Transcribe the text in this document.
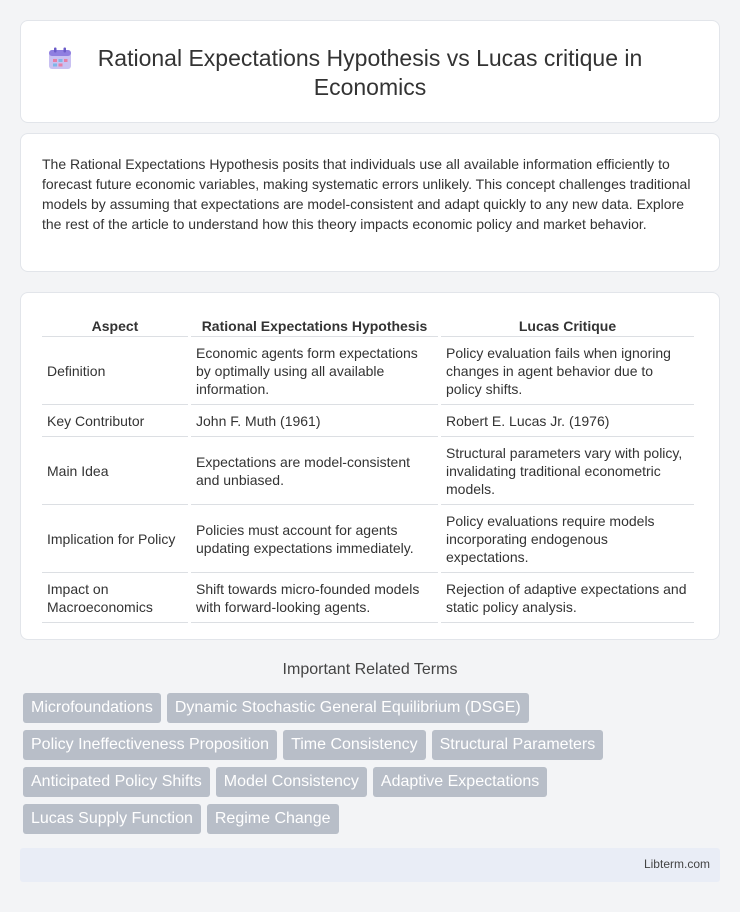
Rational Expectations Hypothesis vs Lucas critique in Economics

The Rational Expectations Hypothesis posits that individuals use all available information efficiently to forecast future economic variables, making systematic errors unlikely. This concept challenges traditional models by assuming that expectations are model-consistent and adapt quickly to any new data. Explore the rest of the article to understand how this theory impacts economic policy and market behavior.

Aspect	Rational Expectations Hypothesis	Lucas Critique
Definition	Economic agents form expectations by optimally using all available information.	Policy evaluation fails when ignoring changes in agent behavior due to policy shifts.
Key Contributor	John F. Muth (1961)	Robert E. Lucas Jr. (1976)
Main Idea	Expectations are model-consistent and unbiased.	Structural parameters vary with policy, invalidating traditional econometric models.
Implication for Policy	Policies must account for agents updating expectations immediately.	Policy evaluations require models incorporating endogenous expectations.
Impact on Macroeconomics	Shift towards micro-founded models with forward-looking agents.	Rejection of adaptive expectations and static policy analysis.
Important Related Terms
Microfoundations	Dynamic Stochastic General Equilibrium (DSGE)
Policy Ineffectiveness Proposition	Time Consistency	Structural Parameters
Anticipated Policy Shifts	Model Consistency	Adaptive Expectations
Lucas Supply Function	Regime Change
Libterm.com
